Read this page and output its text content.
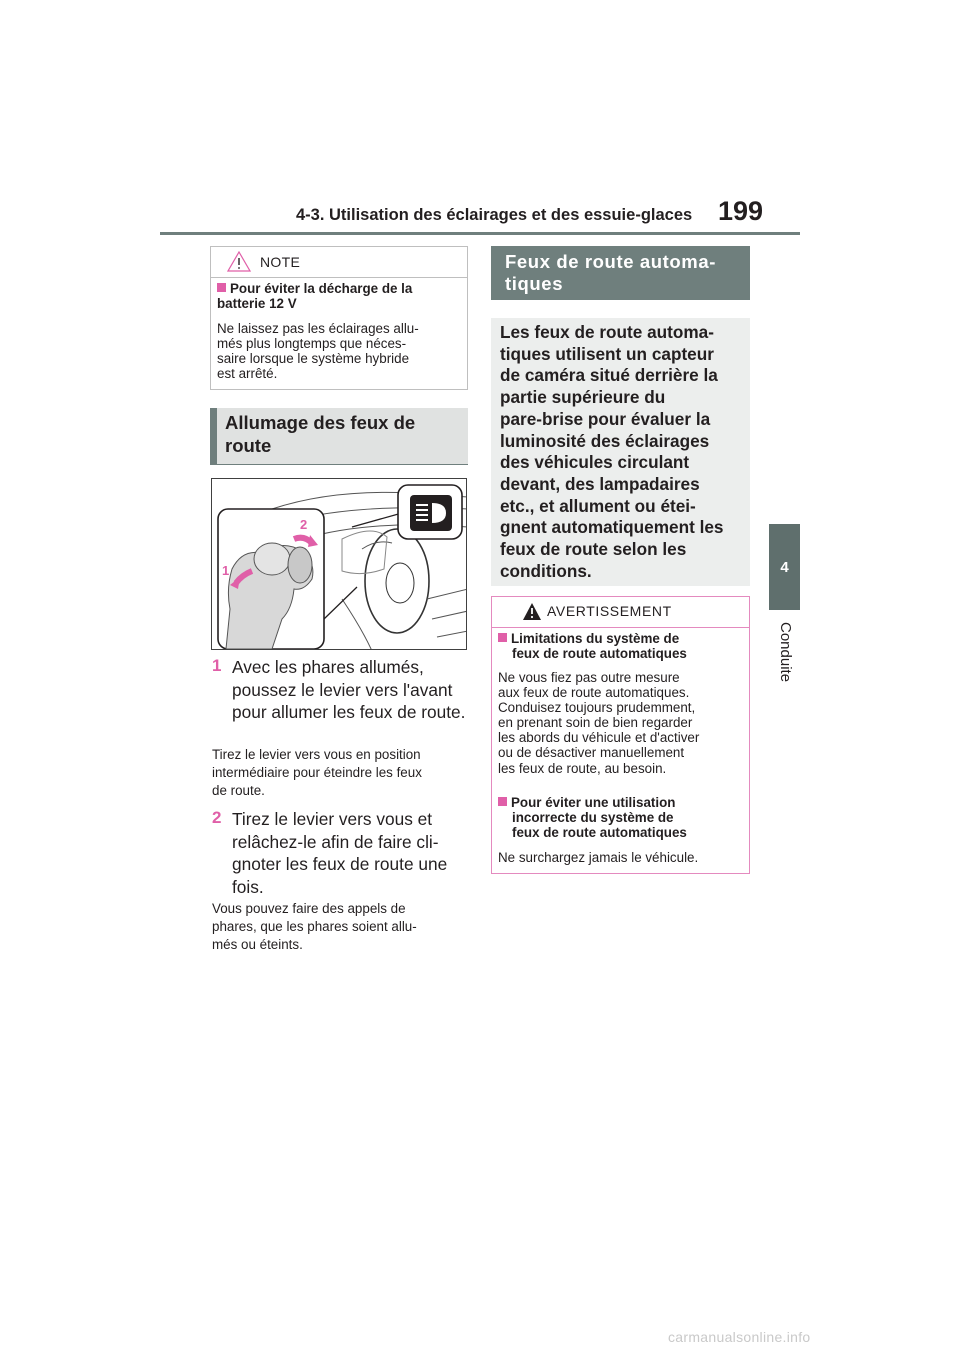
4-3. Utilisation des éclairages et des essuie-glaces 199
4
Conduite
NOTE
Pour éviter la décharge de la batterie 12 V
Ne laissez pas les éclairages allu-
més plus longtemps que néces-
saire lorsque le système hybride
est arrêté.
Allumage des feux de route
1
2
1 Avec les phares allumés, poussez le levier vers l'avant pour allumer les feux de route.
Tirez le levier vers vous en position
intermédiaire pour éteindre les feux
de route.
2 Tirez le levier vers vous et relâchez-le afin de faire cli-gnoter les feux de route une fois.
Vous pouvez faire des appels de
phares, que les phares soient allu-
més ou éteints.
Feux de route automa-
tiques
Les feux de route automa-
tiques utilisent un capteur
de caméra situé derrière la
partie supérieure du
pare-brise pour évaluer la
luminosité des éclairages
des véhicules circulant
devant, des lampadaires
etc., et allument ou étei-
gnent automatiquement les
feux de route selon les
conditions.
AVERTISSEMENT
Limitations du système de
feux de route automatiques
Ne vous fiez pas outre mesure
aux feux de route automatiques.
Conduisez toujours prudemment,
en prenant soin de bien regarder
les abords du véhicule et d'activer
ou de désactiver manuellement
les feux de route, au besoin.
Pour éviter une utilisation
incorrecte du système de
feux de route automatiques
Ne surchargez jamais le véhicule.
carmanualsonline.info
